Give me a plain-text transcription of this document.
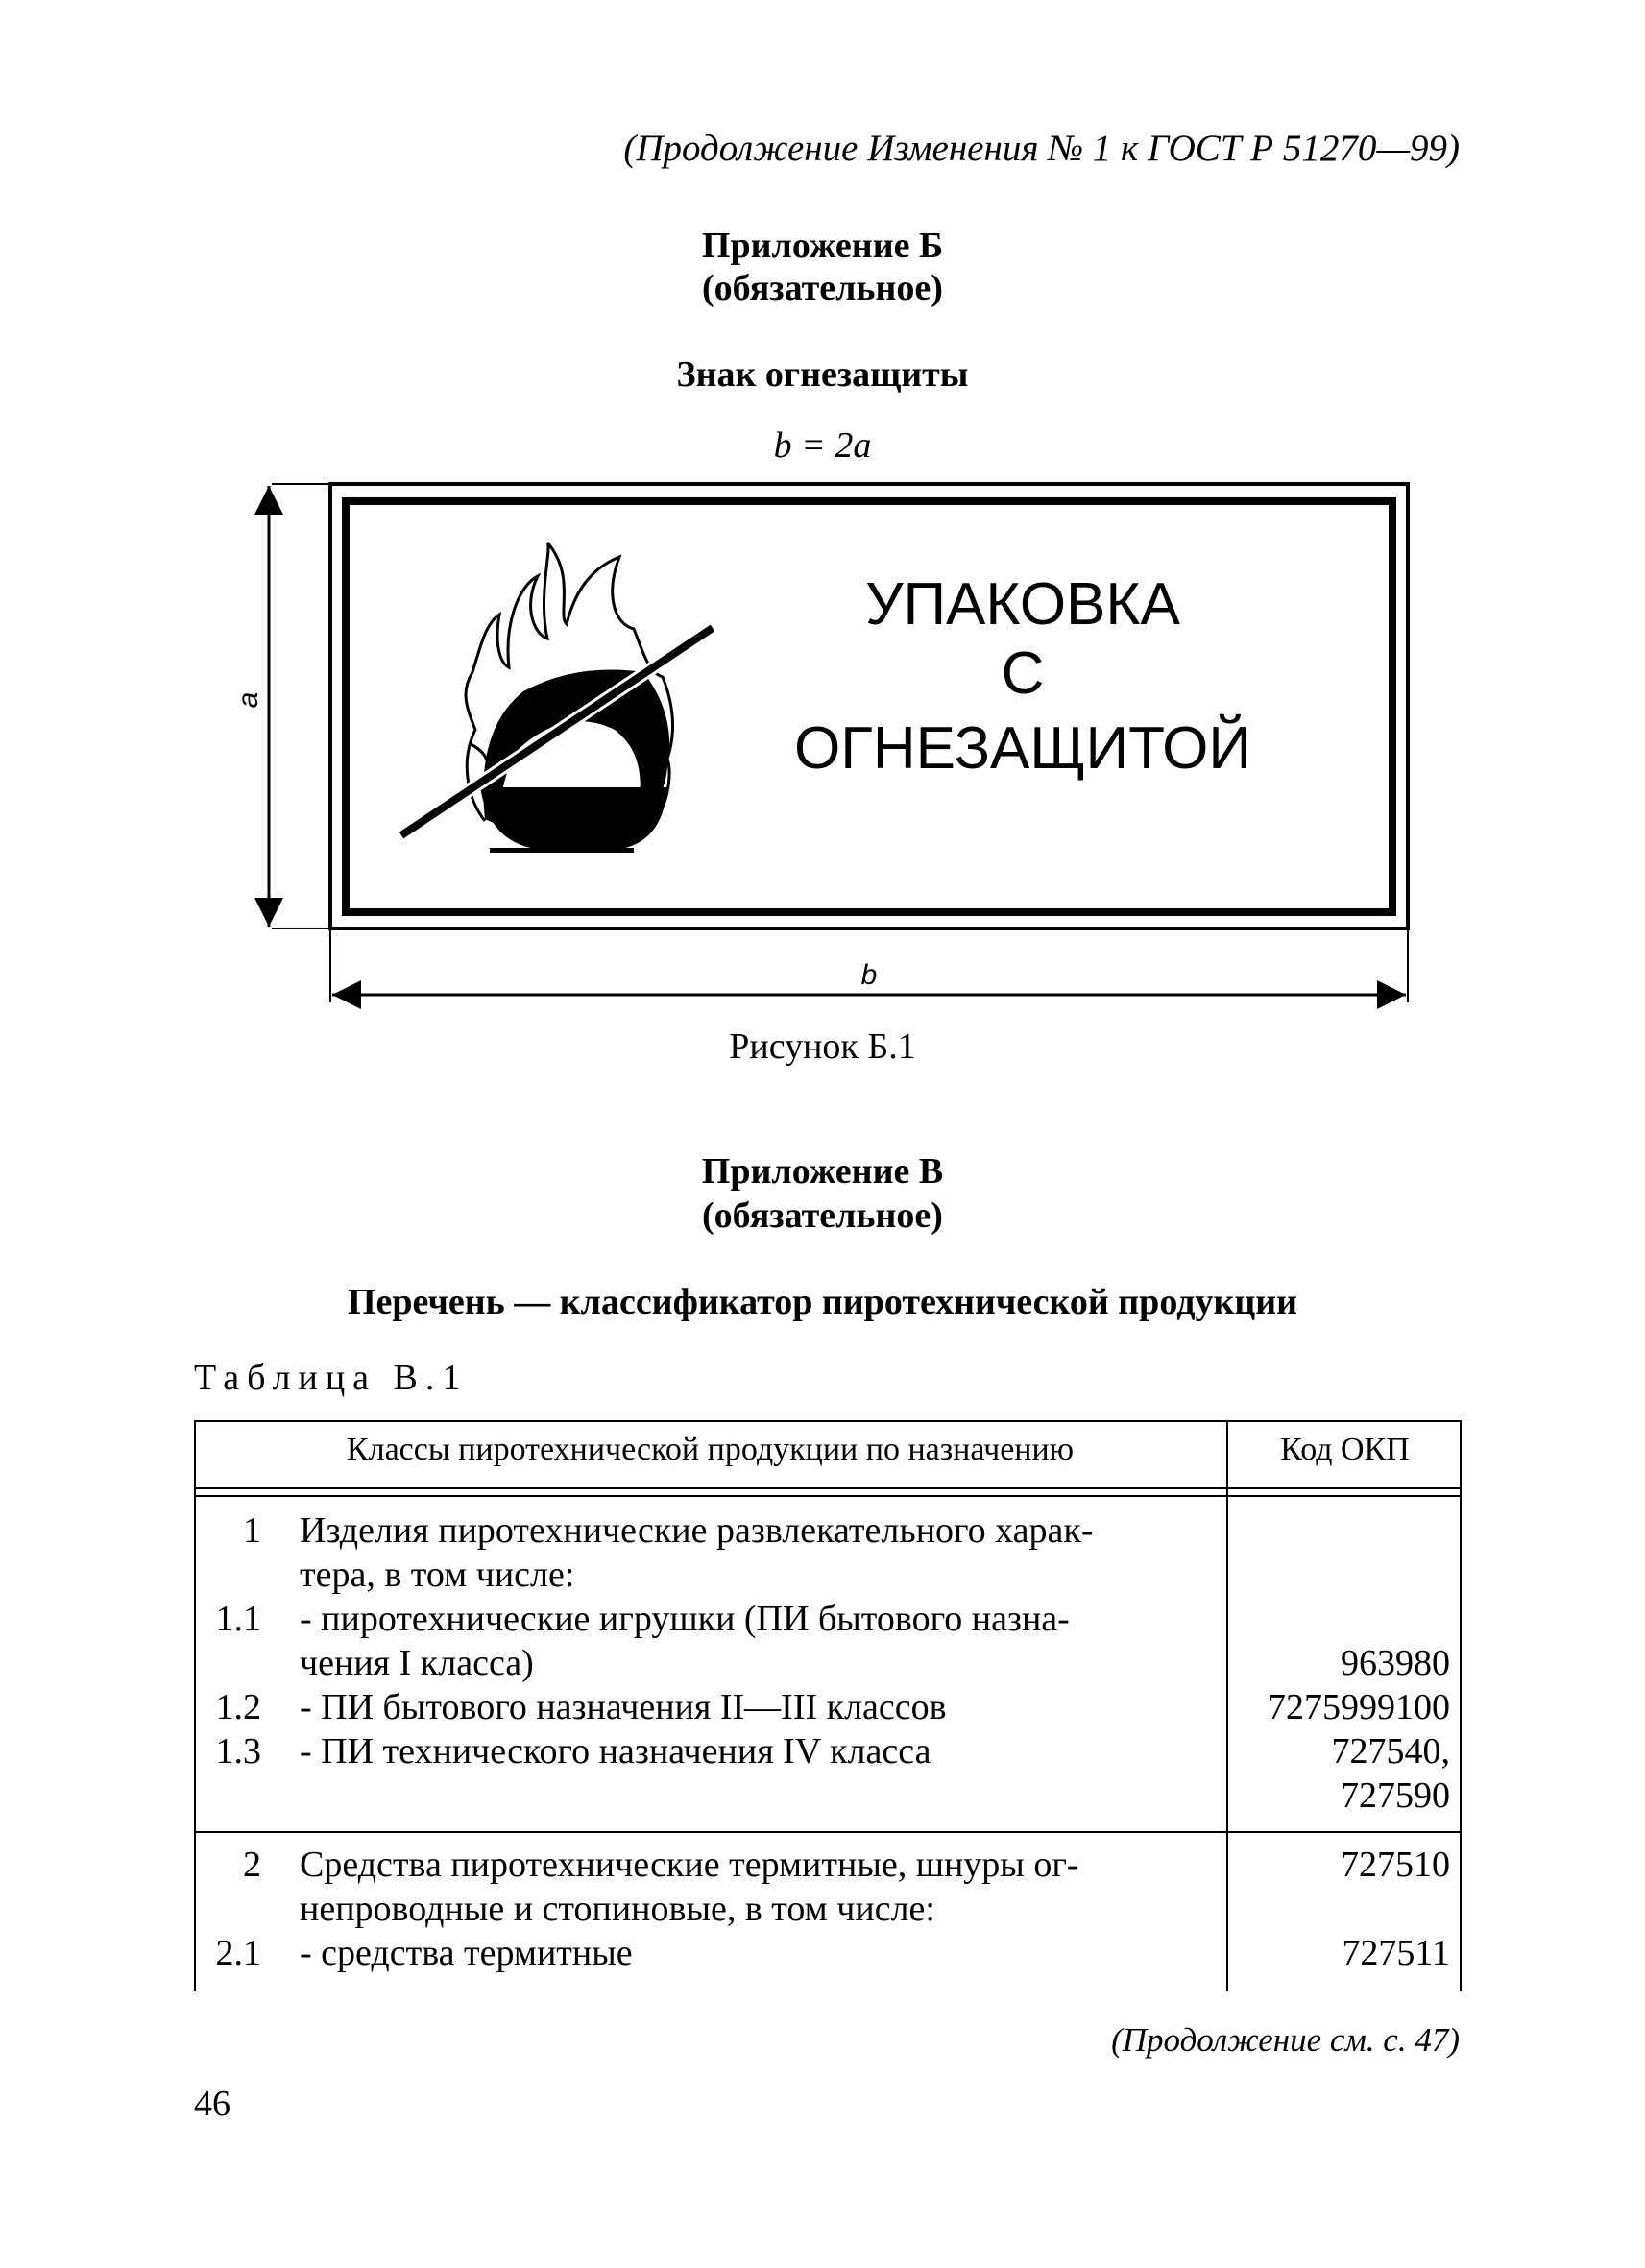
(Продолжение Изменения № 1 к ГОСТ Р 51270—99)
Приложение Б
(обязательное)
Знак огнезащиты
b = 2a
a
b
УПАКОВКА
С
ОГНЕЗАЩИТОЙ
Рисунок Б.1
Приложение В
(обязательное)
Перечень — классификатор пиротехнической продукции
Таблица В.1
Классы пиротехнической продукции по назначению	Код ОКП
1 Изделия пиротехнические развлекательного харак-
тера, в том числе:
1.1 - пиротехнические игрушки (ПИ бытового назна-
чения I класса)	963980
1.2 - ПИ бытового назначения II—III классов	7275999100
1.3 - ПИ технического назначения IV класса	727540,
727590
2 Средства пиротехнические термитные, шнуры ог-
непроводные и стопиновые, в том числе:
727510
2.1 - средства термитные	727511
(Продолжение см. с. 47)
46
